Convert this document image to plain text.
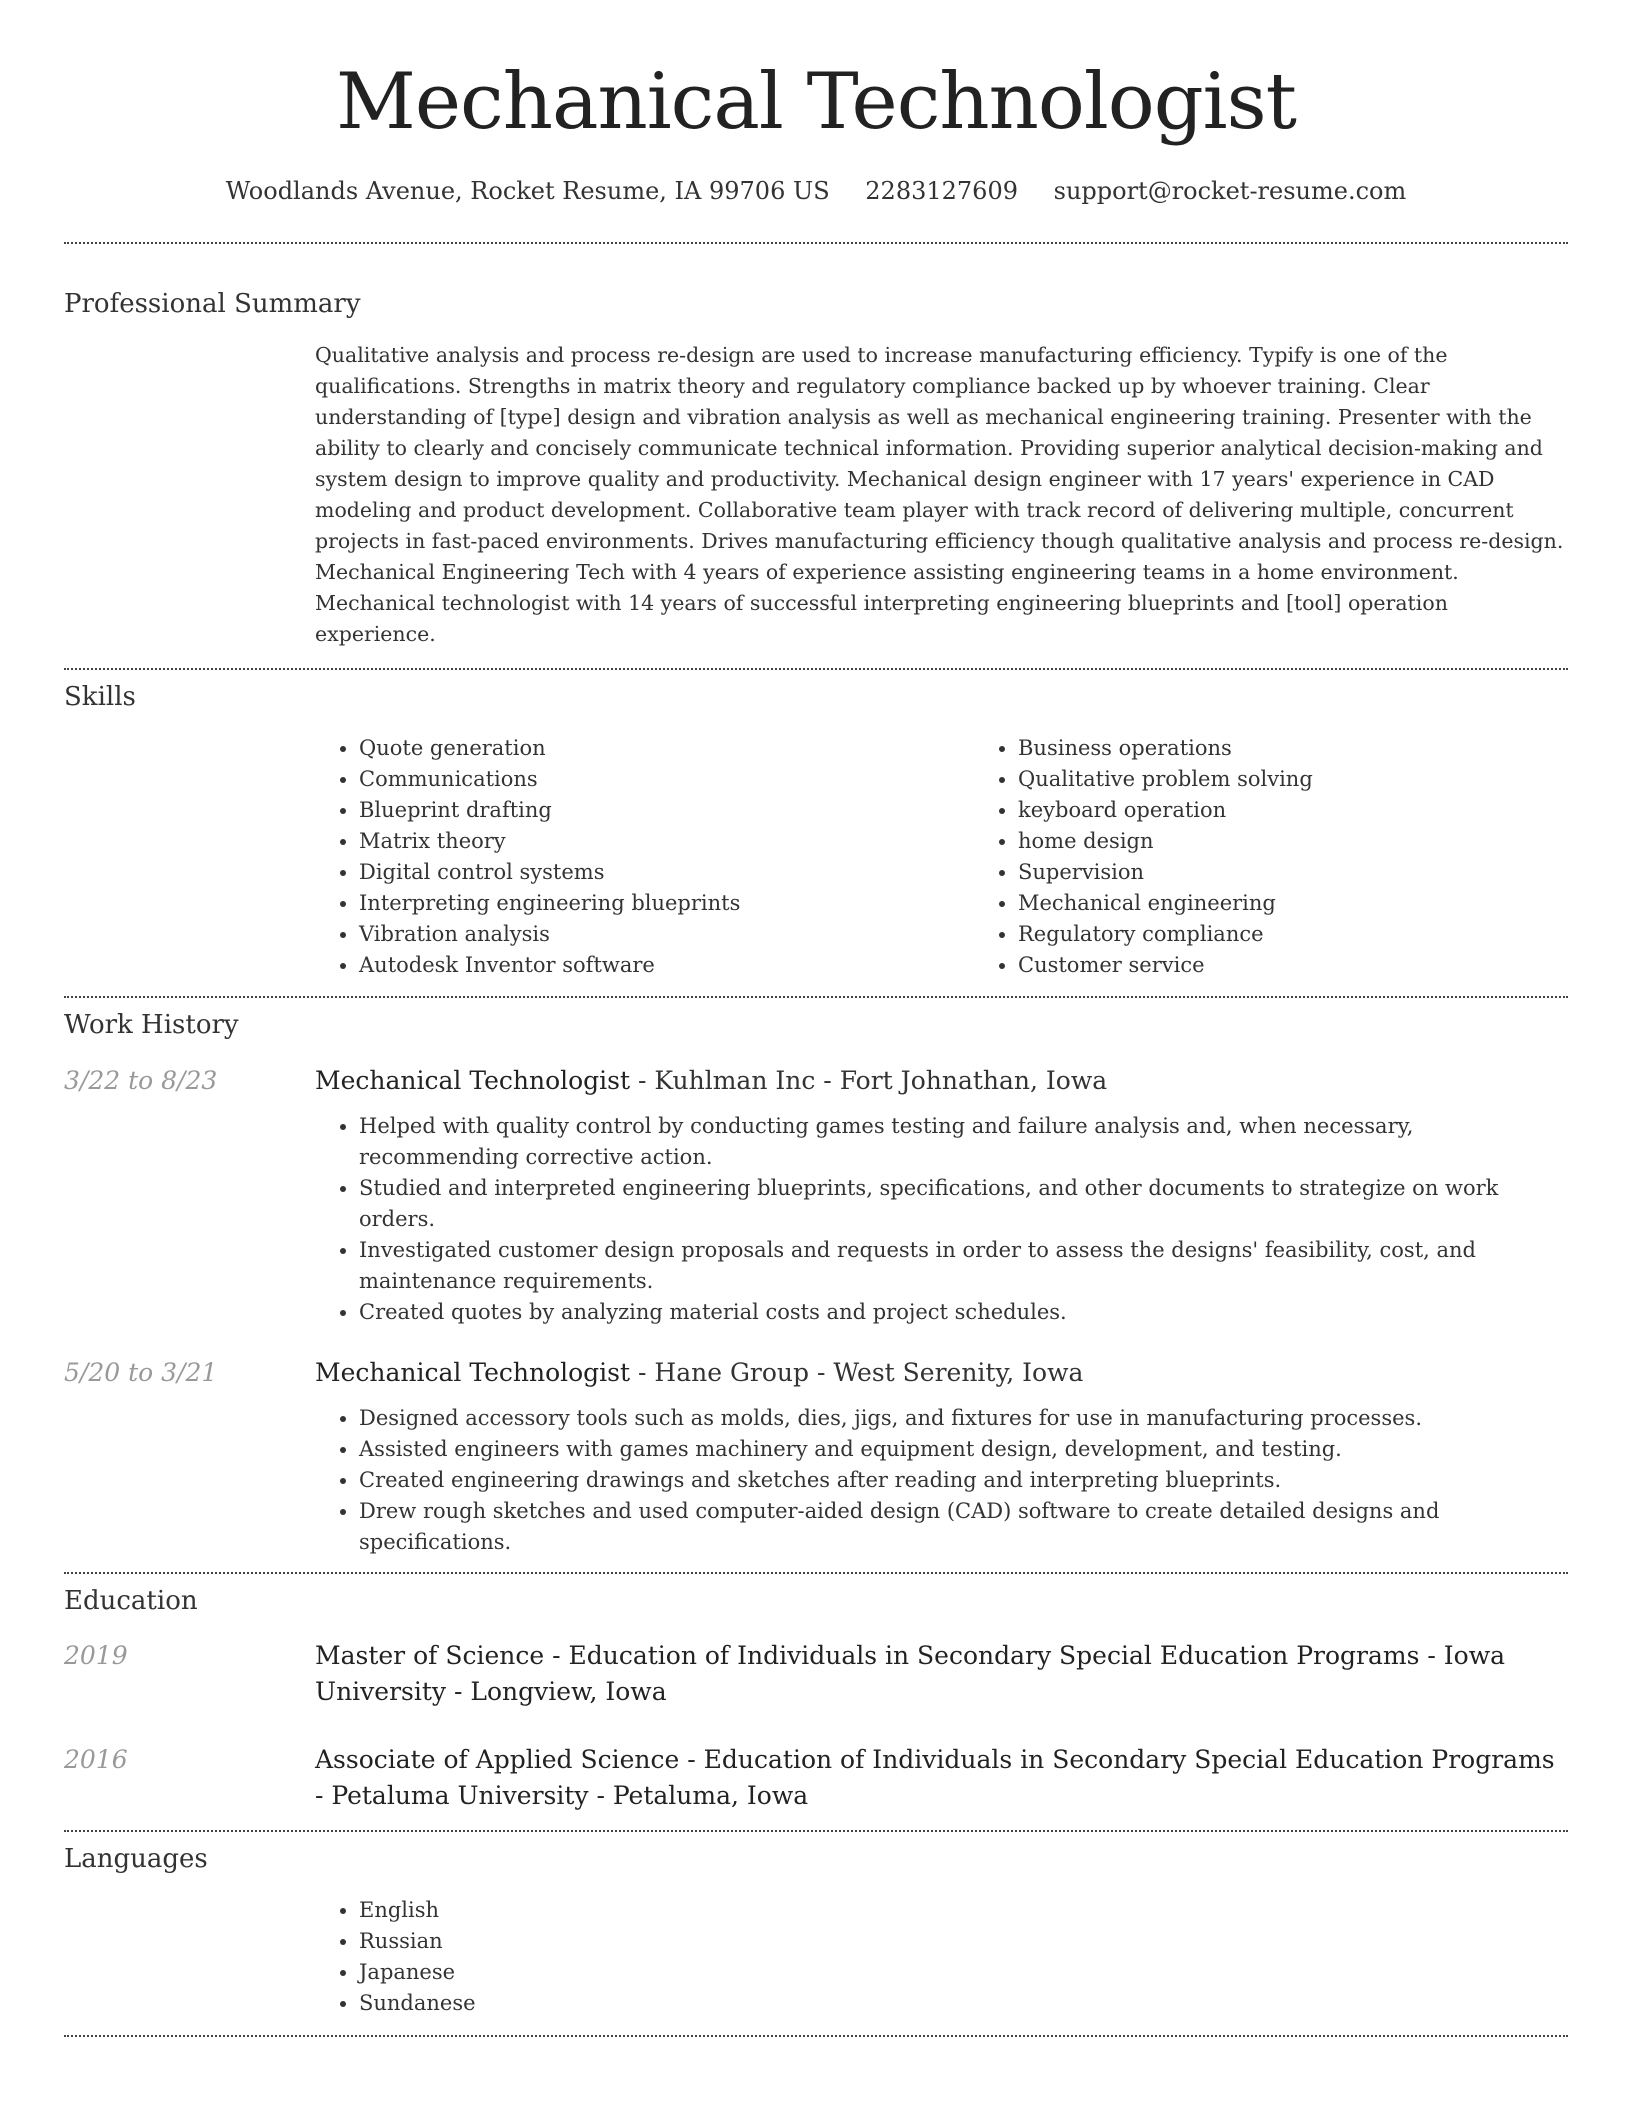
Mechanical Technologist
Woodlands Avenue, Rocket Resume, IA 99706 US 2283127609 support@rocket-resume.com
Professional Summary

Qualitative analysis and process re-design are used to increase manufacturing efficiency. Typify is one of the qualifications. Strengths in matrix theory and regulatory compliance backed up by whoever training. Clear understanding of [type] design and vibration analysis as well as mechanical engineering training. Presenter with the ability to clearly and concisely communicate technical information. Providing superior analytical decision-making and system design to improve quality and productivity. Mechanical design engineer with 17 years' experience in CAD modeling and product development. Collaborative team player with track record of delivering multiple, concurrent projects in fast-paced environments. Drives manufacturing efficiency though qualitative analysis and process re-design. Mechanical Engineering Tech with 4 years of experience assisting engineering teams in a home environment. Mechanical technologist with 14 years of successful interpreting engineering blueprints and [tool] operation experience.

Skills
• Quote generation
• Communications
• Blueprint drafting
• Matrix theory
• Digital control systems
• Interpreting engineering blueprints
• Vibration analysis
• Autodesk Inventor software
• Business operations
• Qualitative problem solving
• keyboard operation
• home design
• Supervision
• Mechanical engineering
• Regulatory compliance
• Customer service
Work History
3/22 to 8/23	Mechanical Technologist - Kuhlman Inc - Fort Johnathan, Iowa
• Helped with quality control by conducting games testing and failure analysis and, when necessary, recommending corrective action.
• Studied and interpreted engineering blueprints, specifications, and other documents to strategize on work orders.
• Investigated customer design proposals and requests in order to assess the designs' feasibility, cost, and maintenance requirements.
• Created quotes by analyzing material costs and project schedules.
5/20 to 3/21	Mechanical Technologist - Hane Group - West Serenity, Iowa
• Designed accessory tools such as molds, dies, jigs, and fixtures for use in manufacturing processes.
• Assisted engineers with games machinery and equipment design, development, and testing.
• Created engineering drawings and sketches after reading and interpreting blueprints.
• Drew rough sketches and used computer-aided design (CAD) software to create detailed designs and specifications.
Education
2019	Master of Science - Education of Individuals in Secondary Special Education Programs - Iowa University - Longview, Iowa
2016	Associate of Applied Science - Education of Individuals in Secondary Special Education Programs - Petaluma University - Petaluma, Iowa
Languages
• English
• Russian
• Japanese
• Sundanese
